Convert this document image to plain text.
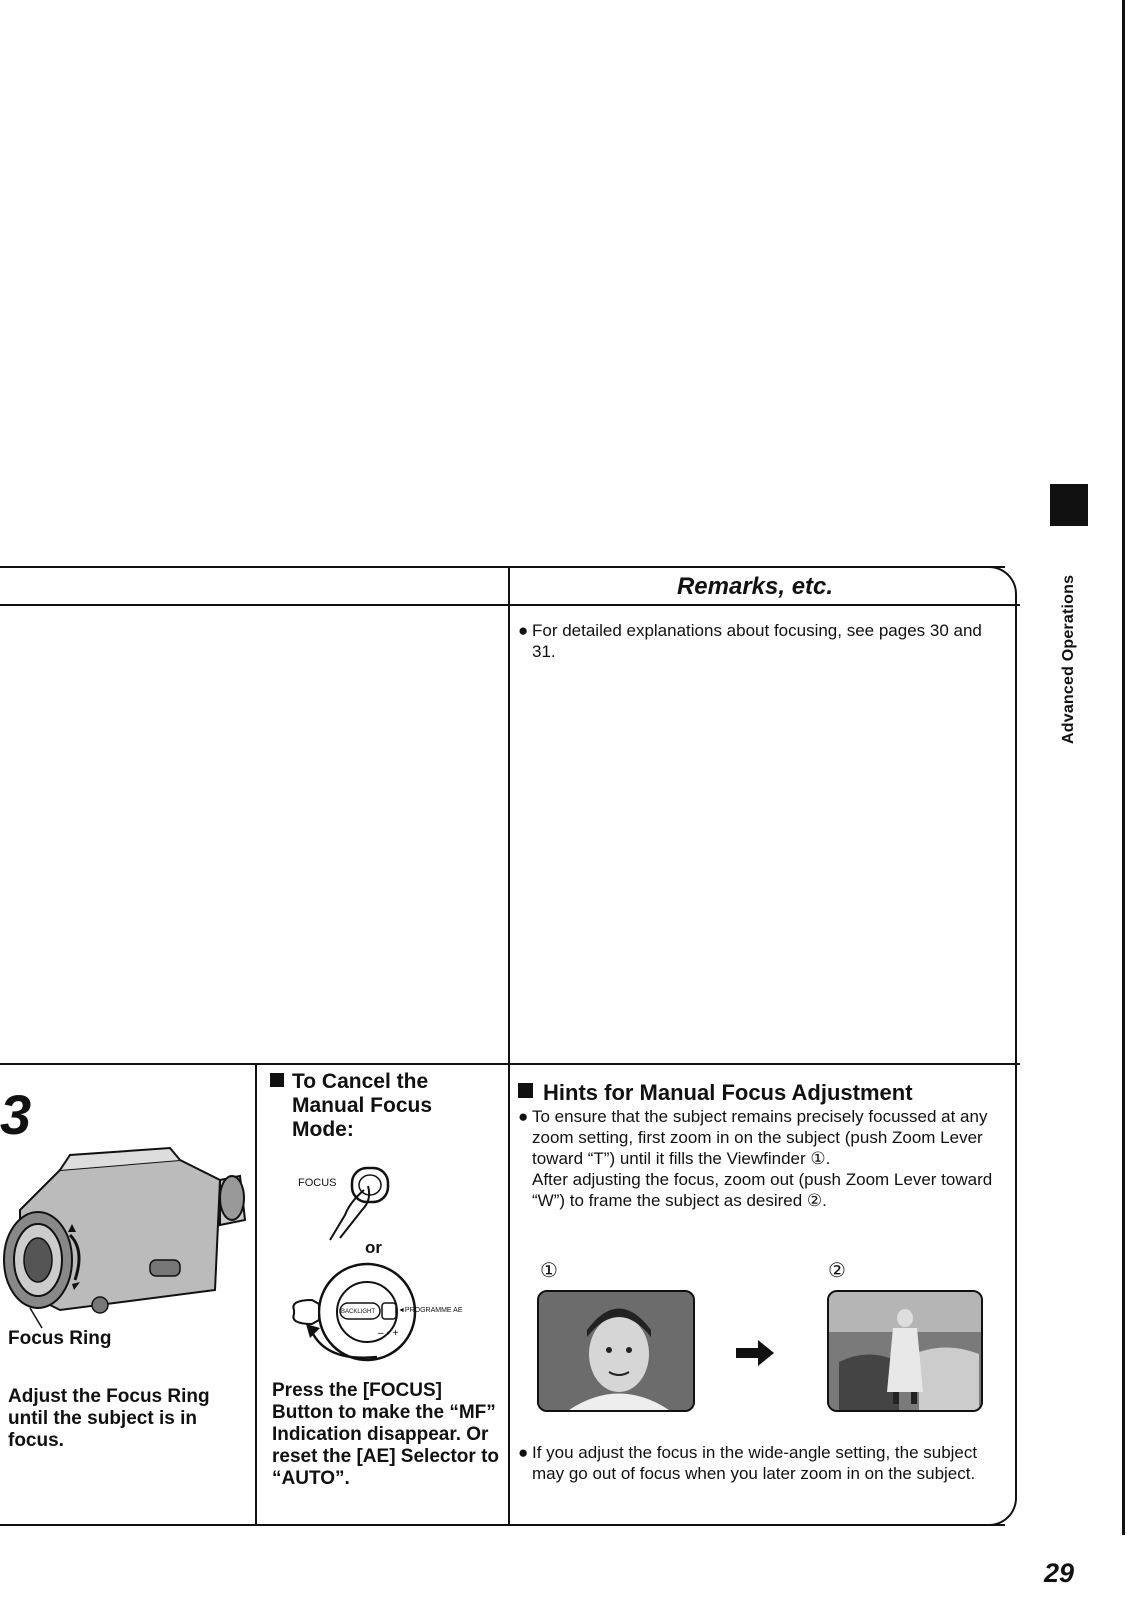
Advanced Operations
29
Remarks, etc.
● For detailed explanations about focusing, see pages 30 and 31.
3
Focus Ring
Adjust the Focus Ring until the subject is in focus.
To Cancel the
Manual Focus
Mode:
FOCUS
or
– ◦ +
BACKLIGHT	◄PROGRAMME AE
Press the [FOCUS] Button to make the “MF” Indication disappear. Or reset the [AE] Selector to “AUTO”.
Hints for Manual Focus Adjustment
● To ensure that the subject remains precisely focussed at any zoom setting, first zoom in on the subject (push Zoom Lever toward “T”) until it fills the Viewfinder ①.
After adjusting the focus, zoom out (push Zoom Lever toward “W”) to frame the subject as desired ②.
①	②
● If you adjust the focus in the wide-angle setting, the subject may go out of focus when you later zoom in on the subject.
